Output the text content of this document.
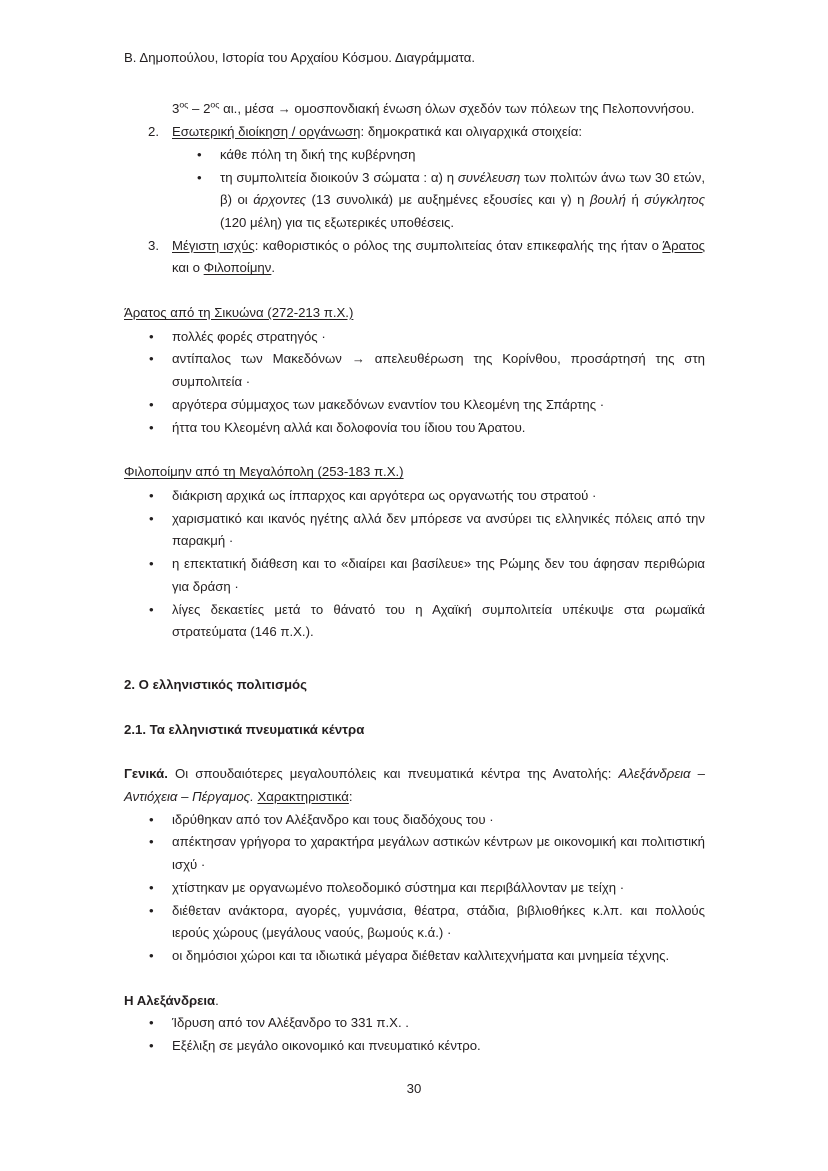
Β. Δημοπούλου, Ιστορία του Αρχαίου Κόσμου. Διαγράμματα.

$3^{o\varsigma} - 2^{o\varsigma}$ αι., μέσα → ομοσπονδιακή ένωση όλων σχεδόν των πόλεων της Πελοποννήσου.

2. Εσωτερική διοίκηση / οργάνωση: δημοκρατικά και ολιγαρχικά στοιχεία:
• κάθε πόλη τη δική της κυβέρνηση
• τη συμπολιτεία διοικούν 3 σώματα : α) η συνέλευση των πολιτών άνω των 30 ετών, β) οι άρχοντες (13 συνολικά) με αυξημένες εξουσίες και γ) η βουλή ή σύγκλητος (120 μέλη) για τις εξωτερικές υποθέσεις.
3. Μέγιστη ισχύς: καθοριστικός ο ρόλος της συμπολιτείας όταν επικεφαλής της ήταν ο Άρατος και ο Φιλοποίμην.

Άρατος από τη Σικυώνα (272-213 π.Χ.)

• πολλές φορές στρατηγός ·
• αντίπαλος των Μακεδόνων → απελευθέρωση της Κορίνθου, προσάρτησή της στη συμπολιτεία ·
• αργότερα σύμμαχος των μακεδόνων εναντίον του Κλεομένη της Σπάρτης ·
• ήττα του Κλεομένη αλλά και δολοφονία του ίδιου του Άρατου.

Φιλοποίμην από τη Μεγαλόπολη (253-183 π.Χ.)

• διάκριση αρχικά ως ίππαρχος και αργότερα ως οργανωτής του στρατού ·
• χαρισματικό και ικανός ηγέτης αλλά δεν μπόρεσε να ανσύρει τις ελληνικές πόλεις από την παρακμή ·
• η επεκτατική διάθεση και το «διαίρει και βασίλευε» της Ρώμης δεν του άφησαν περιθώρια για δράση ·
• λίγες δεκαετίες μετά το θάνατό του η Αχαϊκή συμπολιτεία υπέκυψε στα ρωμαϊκά στρατεύματα (146 π.Χ.).

2. Ο ελληνιστικός πολιτισμός

2.1. Τα ελληνιστικά πνευματικά κέντρα

Γενικά. Οι σπουδαιότερες μεγαλουπόλεις και πνευματικά κέντρα της Ανατολής: Αλεξάνδρεια – Αντιόχεια – Πέργαμος. Χαρακτηριστικά:

• ιδρύθηκαν από τον Αλέξανδρο και τους διαδόχους του ·
• απέκτησαν γρήγορα το χαρακτήρα μεγάλων αστικών κέντρων με οικονομική και πολιτιστική ισχύ ·
• χτίστηκαν με οργανωμένο πολεοδομικό σύστημα και περιβάλλονταν με τείχη ·
• διέθεταν ανάκτορα, αγορές, γυμνάσια, θέατρα, στάδια, βιβλιοθήκες κ.λπ. και πολλούς ιερούς χώρους (μεγάλους ναούς, βωμούς κ.ά.) ·
• οι δημόσιοι χώροι και τα ιδιωτικά μέγαρα διέθεταν καλλιτεχνήματα και μνημεία τέχνης.

Η Αλεξάνδρεια.

• Ίδρυση από τον Αλέξανδρο το 331 π.Χ. .
• Εξέλιξη σε μεγάλο οικονομικό και πνευματικό κέντρο.
30
